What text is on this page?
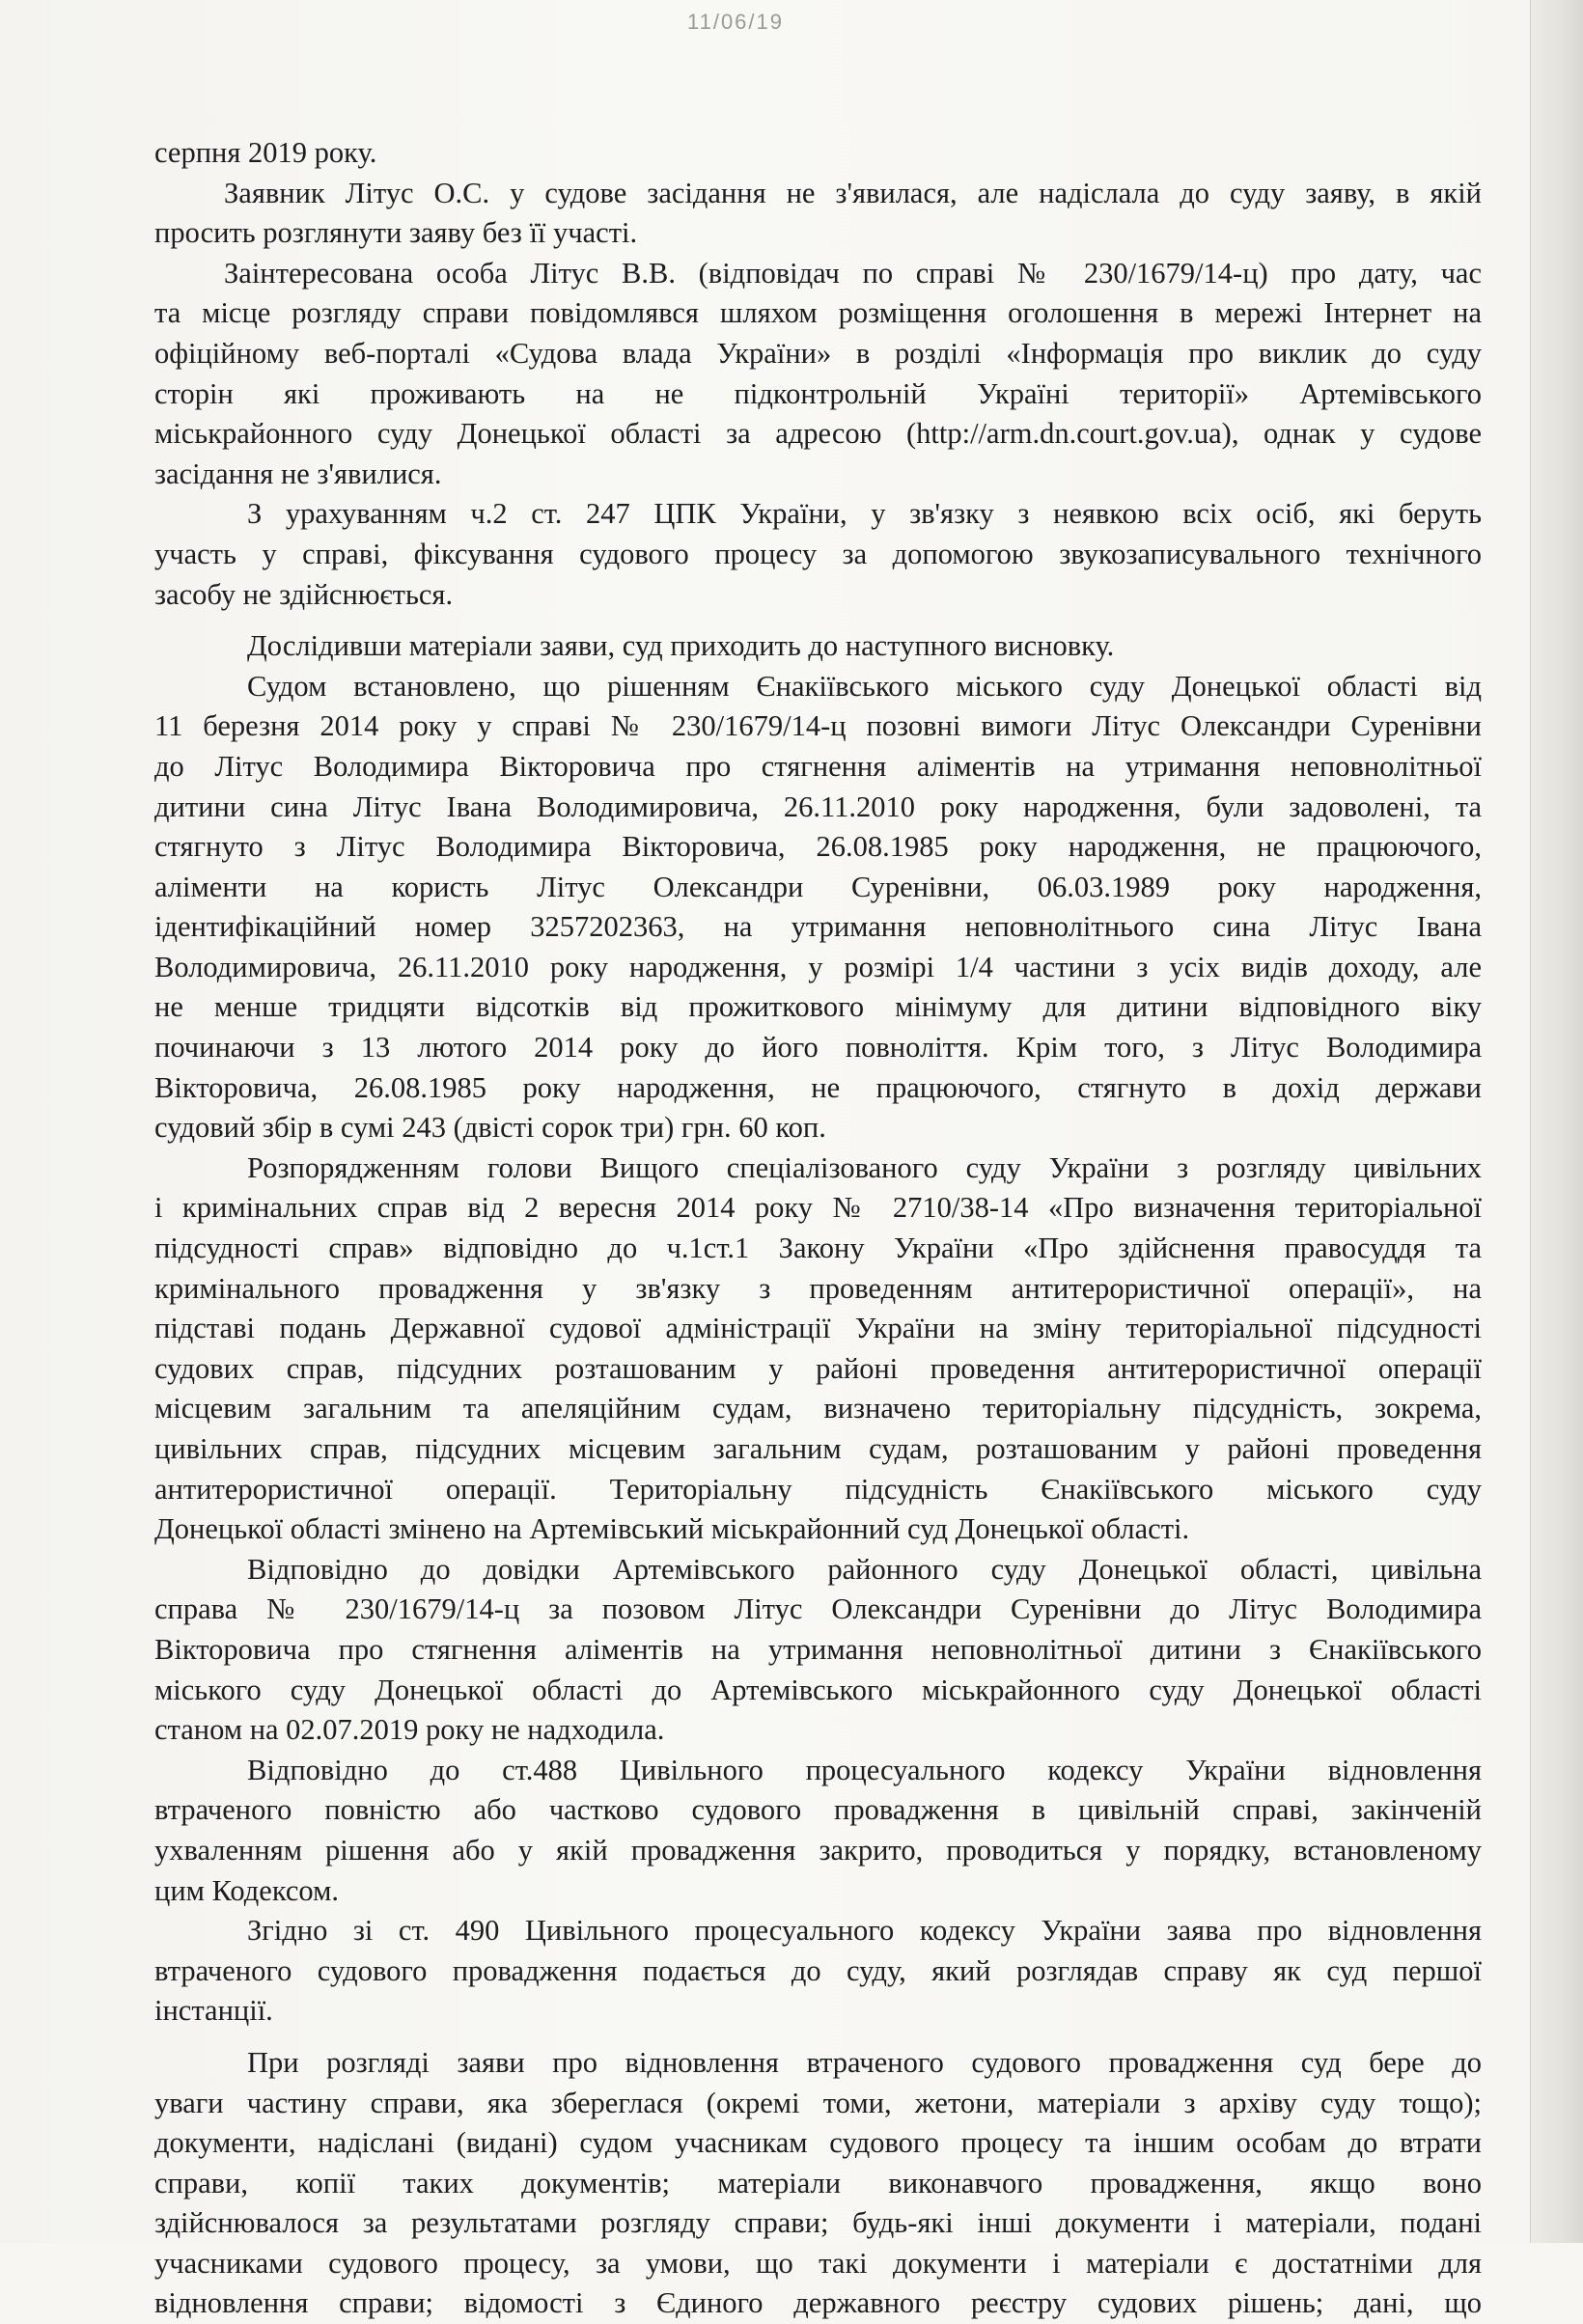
11/06/19

серпня 2019 року.

Заявник Літус О.С. у судове засідання не з'явилася, але надіслала до суду заяву, в якій

просить розглянути заяву без її участі.

Заінтересована особа Літус В.В. (відповідач по справі № 230/1679/14-ц) про дату, час

та місце розгляду справи повідомлявся шляхом розміщення оголошення в мережі Інтернет на

офіційному веб-порталі «Судова влада України» в розділі «Інформація про виклик до суду

сторін які проживають на не підконтрольній Україні території» Артемівського

міськрайонного суду Донецької області за адресою (http://arm.dn.court.gov.ua), однак у судове

засідання не з'явилися.

З урахуванням ч.2 ст. 247 ЦПК України, у зв'язку з неявкою всіх осіб, які беруть

участь у справі, фіксування судового процесу за допомогою звукозаписувального технічного

засобу не здійснюється.

Дослідивши матеріали заяви, суд приходить до наступного висновку.

Судом встановлено, що рішенням Єнакіївського міського суду Донецької області від

11 березня 2014 року у справі № 230/1679/14-ц позовні вимоги Літус Олександри Суренівни

до Літус Володимира Вікторовича про стягнення аліментів на утримання неповнолітньої

дитини сина Літус Івана Володимировича, 26.11.2010 року народження, були задоволені, та

стягнуто з Літус Володимира Вікторовича, 26.08.1985 року народження, не працюючого,

аліменти на користь Літус Олександри Суренівни, 06.03.1989 року народження,

ідентифікаційний номер 3257202363, на утримання неповнолітнього сина Літус Івана

Володимировича, 26.11.2010 року народження, у розмірі 1/4 частини з усіх видів доходу, але

не менше тридцяти відсотків від прожиткового мінімуму для дитини відповідного віку

починаючи з 13 лютого 2014 року до його повноліття. Крім того, з Літус Володимира

Вікторовича, 26.08.1985 року народження, не працюючого, стягнуто в дохід держави

судовий збір в сумі 243 (двісті сорок три) грн. 60 коп.

Розпорядженням голови Вищого спеціалізованого суду України з розгляду цивільних

і кримінальних справ від 2 вересня 2014 року № 2710/38-14 «Про визначення територіальної

підсудності справ» відповідно до ч.1ст.1 Закону України «Про здійснення правосуддя та

кримінального провадження у зв'язку з проведенням антитерористичної операції», на

підставі подань Державної судової адміністрації України на зміну територіальної підсудності

судових справ, підсудних розташованим у районі проведення антитерористичної операції

місцевим загальним та апеляційним судам, визначено територіальну підсудність, зокрема,

цивільних справ, підсудних місцевим загальним судам, розташованим у районі проведення

антитерористичної операції. Територіальну підсудність Єнакіївського міського суду

Донецької області змінено на Артемівський міськрайонний суд Донецької області.

Відповідно до довідки Артемівського районного суду Донецької області, цивільна

справа № 230/1679/14-ц за позовом Літус Олександри Суренівни до Літус Володимира

Вікторовича про стягнення аліментів на утримання неповнолітньої дитини з Єнакіївського

міського суду Донецької області до Артемівського міськрайонного суду Донецької області

станом на 02.07.2019 року не надходила.

Відповідно до ст.488 Цивільного процесуального кодексу України відновлення

втраченого повністю або частково судового провадження в цивільній справі, закінченій

ухваленням рішення або у якій провадження закрито, проводиться у порядку, встановленому

цим Кодексом.

Згідно зі ст. 490 Цивільного процесуального кодексу України заява про відновлення

втраченого судового провадження подається до суду, який розглядав справу як суд першої

інстанції.

При розгляді заяви про відновлення втраченого судового провадження суд бере до

уваги частину справи, яка збереглася (окремі томи, жетони, матеріали з архіву суду тощо);

документи, надіслані (видані) судом учасникам судового процесу та іншим особам до втрати

справи, копії таких документів; матеріали виконавчого провадження, якщо воно

здійснювалося за результатами розгляду справи; будь-які інші документи і матеріали, подані

учасниками судового процесу, за умови, що такі документи і матеріали є достатніми для

відновлення справи; відомості з Єдиного державного реєстру судових рішень; дані, що
